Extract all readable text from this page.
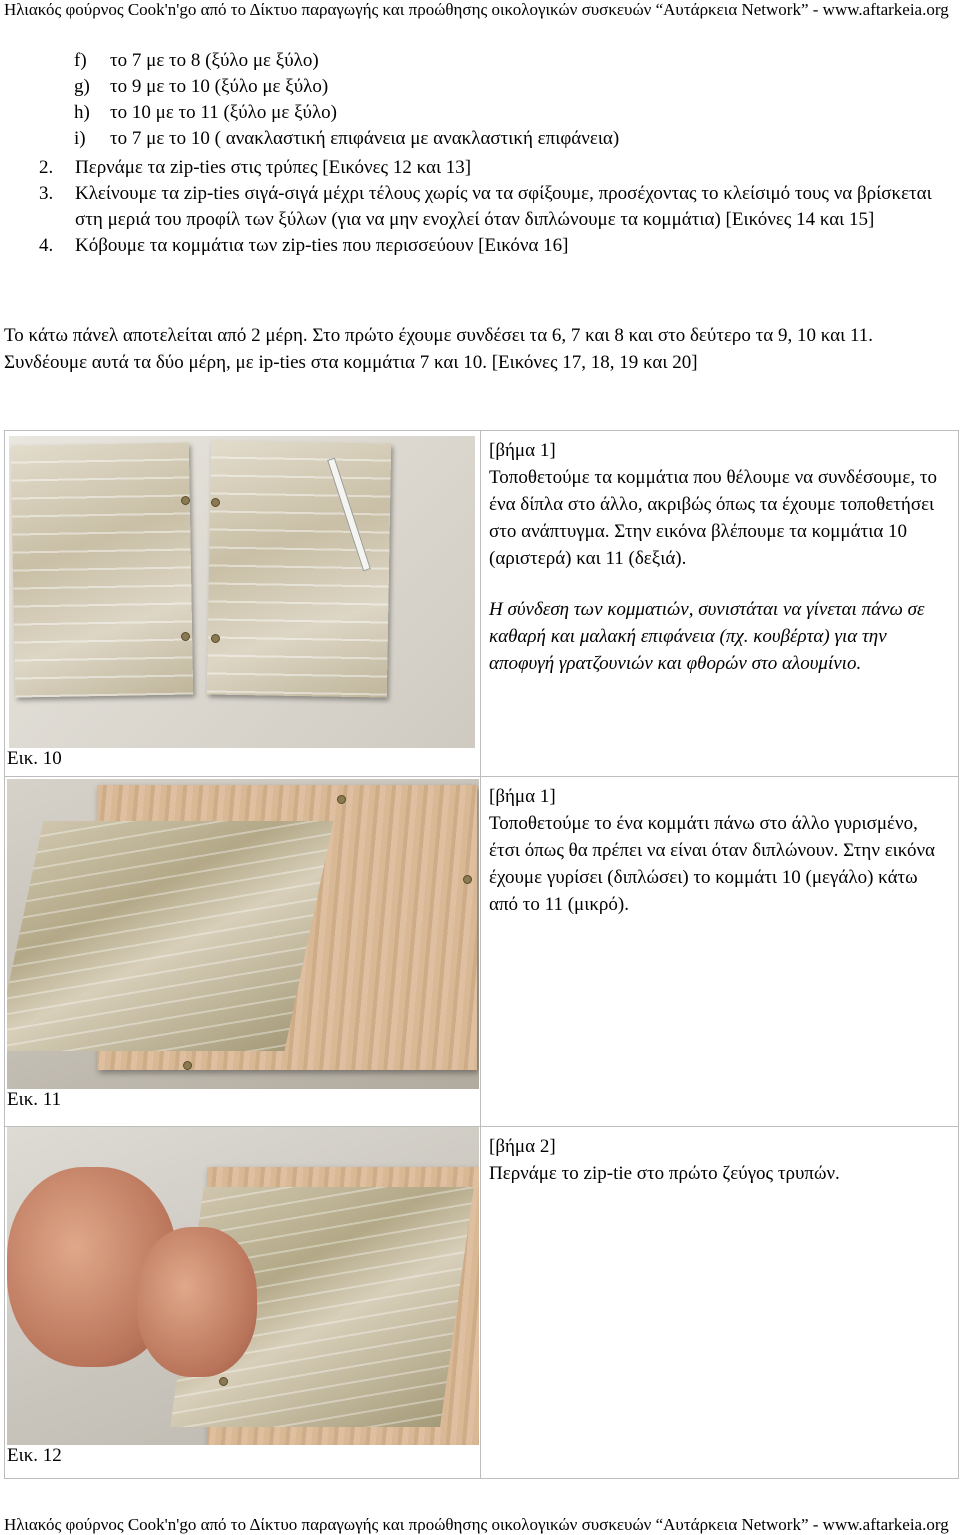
Ηλιακός φούρνος Cook'n'go από το Δίκτυο παραγωγής και προώθησης οικολογικών συσκευών “Αυτάρκεια Network” - www.aftarkeia.org
f) το 7 με το 8 (ξύλο με ξύλο)
g) το 9 με το 10 (ξύλο με ξύλο)
h) το 10 με το 11 (ξύλο με ξύλο)
i) το 7 με το 10 ( ανακλαστική επιφάνεια με ανακλαστική επιφάνεια)
2. Περνάμε τα zip-ties στις τρύπες [Εικόνες 12 και 13]
3. Κλείνουμε τα zip-ties σιγά-σιγά μέχρι τέλους χωρίς να τα σφίξουμε, προσέχοντας το κλείσιμό τους να βρίσκεται στη μεριά του προφίλ των ξύλων (για να μην ενοχλεί όταν διπλώνουμε τα κομμάτια) [Εικόνες 14 και 15]
4. Κόβουμε τα κομμάτια των zip-ties που περισσεύουν [Εικόνα 16]

Το κάτω πάνελ αποτελείται από 2 μέρη. Στο πρώτο έχουμε συνδέσει τα 6, 7 και 8 και στο δεύτερο τα 9, 10 και 11. Συνδέουμε αυτά τα δύο μέρη, με ip-ties στα κομμάτια 7 και 10. [Εικόνες 17, 18, 19 και 20]

Εικ. 10	[βήμα 1]
Τοποθετούμε τα κομμάτια που θέλουμε να συνδέσουμε, το ένα δίπλα στο άλλο, ακριβώς όπως τα έχουμε τοποθετήσει στο ανάπτυγμα. Στην εικόνα βλέπουμε τα κομμάτια 10 (αριστερά) και 11 (δεξιά).
Η σύνδεση των κομματιών, συνιστάται να γίνεται πάνω σε καθαρή και μαλακή επιφάνεια (πχ. κουβέρτα) για την αποφυγή γρατζουνιών και φθορών στο αλουμίνιο.

Εικ. 11	[βήμα 1]
Τοποθετούμε το ένα κομμάτι πάνω στο άλλο γυρισμένο, έτσι όπως θα πρέπει να είναι όταν διπλώνουν. Στην εικόνα έχουμε γυρίσει (διπλώσει) το κομμάτι 10 (μεγάλο) κάτω από το 11 (μικρό).

Εικ. 12	[βήμα 2]
Περνάμε το zip-tie στο πρώτο ζεύγος τρυπών.
Ηλιακός φούρνος Cook'n'go από το Δίκτυο παραγωγής και προώθησης οικολογικών συσκευών “Αυτάρκεια Network” - www.aftarkeia.org
